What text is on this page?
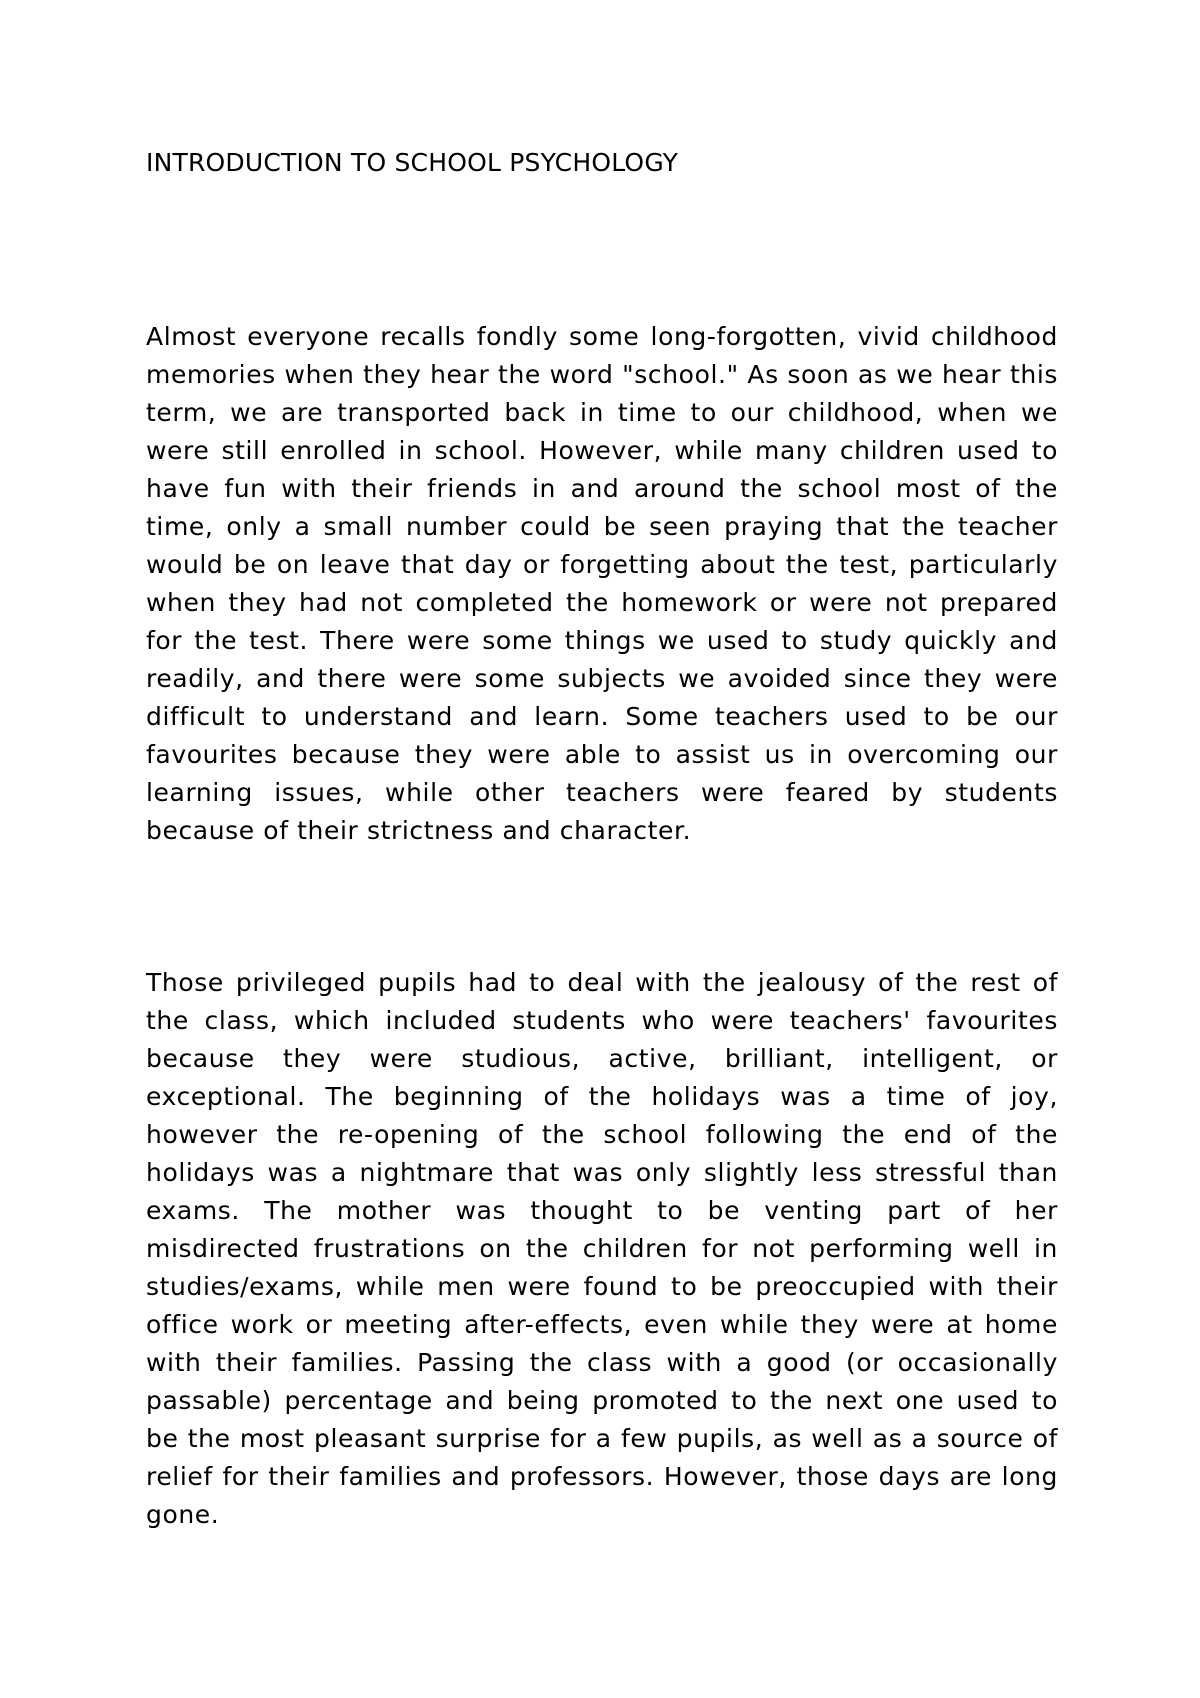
INTRODUCTION TO SCHOOL PSYCHOLOGY

Almost everyone recalls fondly some long-forgotten, vivid childhood memories when they hear the word "school." As soon as we hear this term, we are transported back in time to our childhood, when we were still enrolled in school. However, while many children used to have fun with their friends in and around the school most of the time, only a small number could be seen praying that the teacher would be on leave that day or forgetting about the test, particularly when they had not completed the homework or were not prepared for the test. There were some things we used to study quickly and readily, and there were some subjects we avoided since they were difficult to understand and learn. Some teachers used to be our favourites because they were able to assist us in overcoming our learning issues, while other teachers were feared by students because of their strictness and character.

Those privileged pupils had to deal with the jealousy of the rest of the class, which included students who were teachers' favourites because they were studious, active, brilliant, intelligent, or exceptional. The beginning of the holidays was a time of joy, however the re-opening of the school following the end of the holidays was a nightmare that was only slightly less stressful than exams. The mother was thought to be venting part of her misdirected frustrations on the children for not performing well in studies/exams, while men were found to be preoccupied with their office work or meeting after-effects, even while they were at home with their families. Passing the class with a good (or occasionally passable) percentage and being promoted to the next one used to be the most pleasant surprise for a few pupils, as well as a source of relief for their families and professors. However, those days are long gone.
